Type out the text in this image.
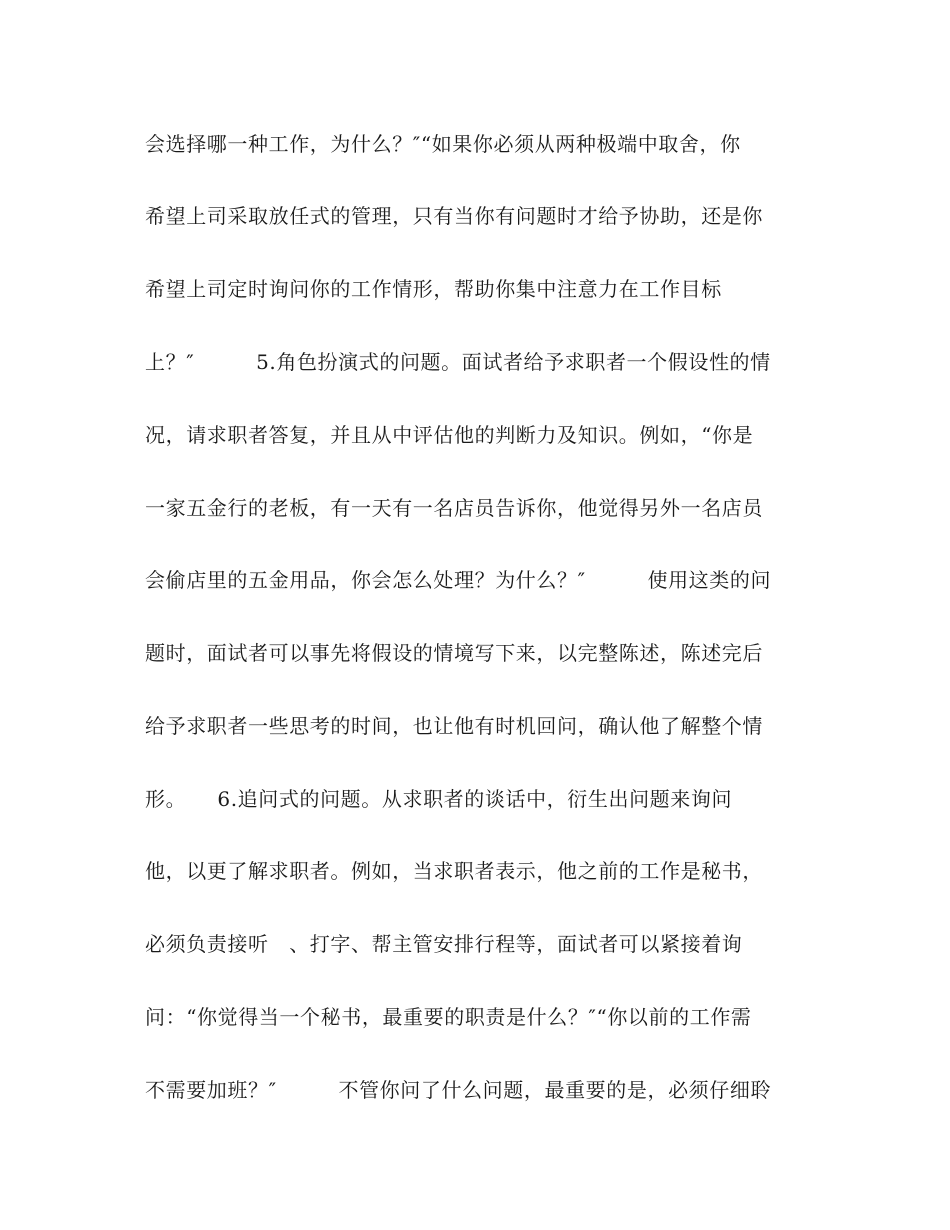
会选择哪一种工作，为什么？″“如果你必须从两种极端中取舍，你
希望上司采取放任式的管理，只有当你有问题时才给予协助，还是你
希望上司定时询问你的工作情形，帮助你集中注意力在工作目标
上？″　　　5.角色扮演式的问题。面试者给予求职者一个假设性的情
况，请求职者答复，并且从中评估他的判断力及知识。例如，“你是
一家五金行的老板，有一天有一名店员告诉你，他觉得另外一名店员
会偷店里的五金用品，你会怎么处理？为什么？″　　　使用这类的问
题时，面试者可以事先将假设的情境写下来，以完整陈述，陈述完后
给予求职者一些思考的时间，也让他有时机回问，确认他了解整个情
形。　　6.追问式的问题。从求职者的谈话中，衍生出问题来询问
他，以更了解求职者。例如，当求职者表示，他之前的工作是秘书，
必须负责接听　、打字、帮主管安排行程等，面试者可以紧接着询
问：“你觉得当一个秘书，最重要的职责是什么？″“你以前的工作需
不需要加班？″　　　不管你问了什么问题，最重要的是，必须仔细聆
